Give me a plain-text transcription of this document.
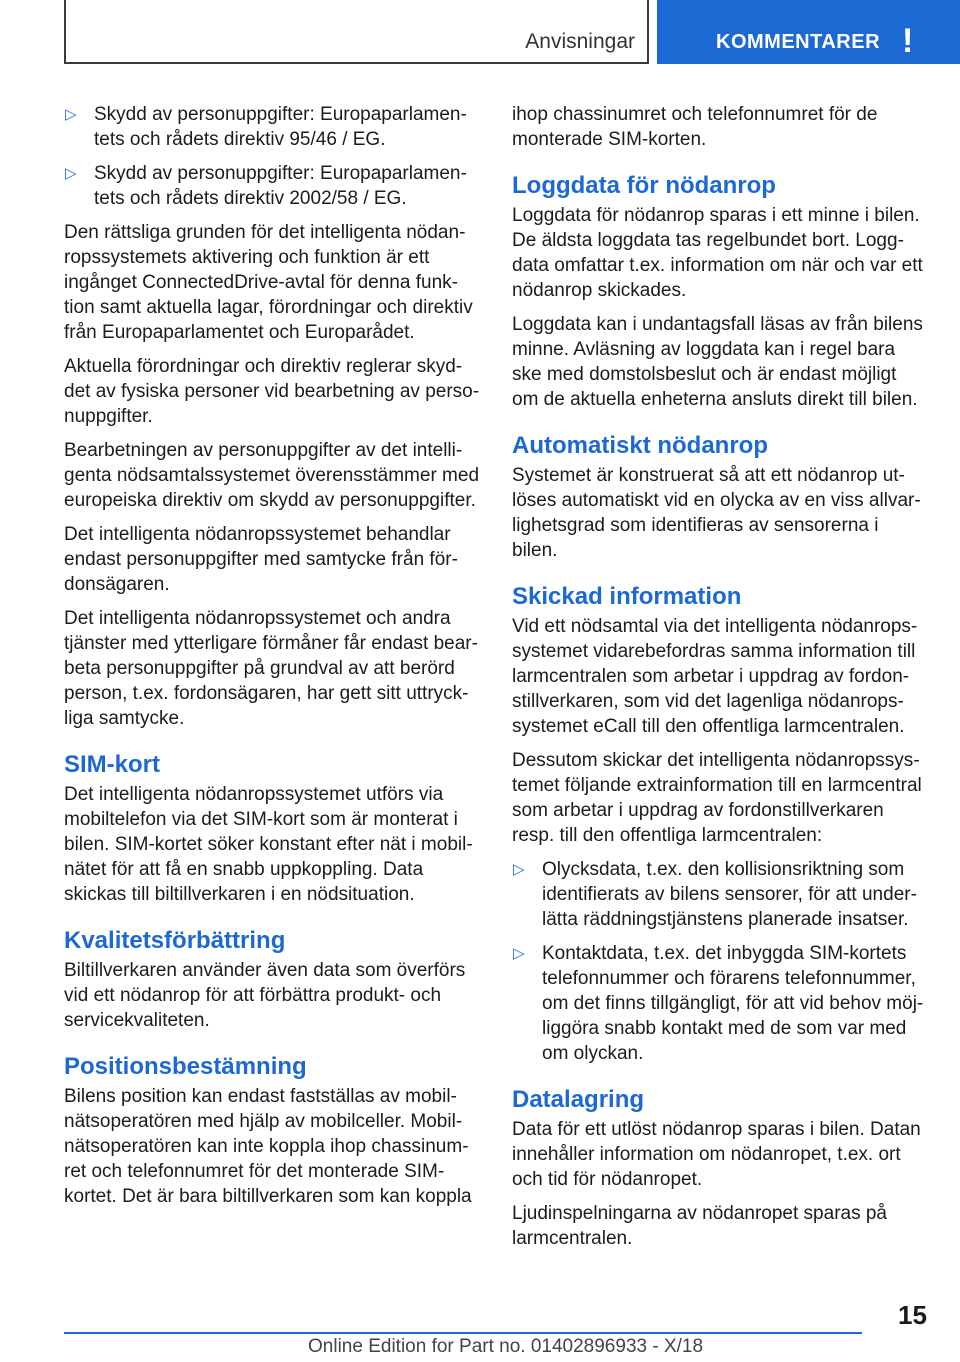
Anvisningar	KOMMENTARER !
▷ Skydd av personuppgifter: Europaparlamentets och rådets direktiv 95/46 / EG.
▷ Skydd av personuppgifter: Europaparlamentets och rådets direktiv 2002/58 / EG.

Den rättsliga grunden för det intelligenta nödanropssystemets aktivering och funktion är ett ingånget ConnectedDrive-avtal för denna funktion samt aktuella lagar, förordningar och direktiv från Europaparlamentet och Europarådet.

Aktuella förordningar och direktiv reglerar skyddet av fysiska personer vid bearbetning av personuppgifter.

Bearbetningen av personuppgifter av det intelligenta nödsamtalssystemet överensstämmer med europeiska direktiv om skydd av personuppgifter.

Det intelligenta nödanropssystemet behandlar endast personuppgifter med samtycke från fördonsägaren.

Det intelligenta nödanropssystemet och andra tjänster med ytterligare förmåner får endast bearbeta personuppgifter på grundval av att berörd person, t.ex. fordonsägaren, har gett sitt uttryckliga samtycke.

SIM-kort

Det intelligenta nödanropssystemet utförs via mobiltelefon via det SIM-kort som är monterat i bilen. SIM-kortet söker konstant efter nät i mobilnätet för att få en snabb uppkoppling. Data skickas till biltillverkaren i en nödsituation.

Kvalitetsförbättring

Biltillverkaren använder även data som överförs vid ett nödanrop för att förbättra produkt- och servicekvaliteten.

Positionsbestämning

Bilens position kan endast fastställas av mobilnätsoperatören med hjälp av mobilceller. Mobilnätsoperatören kan inte koppla ihop chassinumret och telefonnumret för det monterade SIM-kortet. Det är bara biltillverkaren som kan koppla

ihop chassinumret och telefonnumret för de monterade SIM-korten.

Loggdata för nödanrop

Loggdata för nödanrop sparas i ett minne i bilen. De äldsta loggdata tas regelbundet bort. Loggdata omfattar t.ex. information om när och var ett nödanrop skickades.

Loggdata kan i undantagsfall läsas av från bilens minne. Avläsning av loggdata kan i regel bara ske med domstolsbeslut och är endast möjligt om de aktuella enheterna ansluts direkt till bilen.

Automatiskt nödanrop

Systemet är konstruerat så att ett nödanrop utlöses automatiskt vid en olycka av en viss allvarlighetsgrad som identifieras av sensorerna i bilen.

Skickad information

Vid ett nödsamtal via det intelligenta nödanropssystemet vidarebefordras samma information till larmcentralen som arbetar i uppdrag av fordonstillverkaren, som vid det lagenliga nödanropssystemet eCall till den offentliga larmcentralen.

Dessutom skickar det intelligenta nödanropssystemet följande extrainformation till en larmcentral som arbetar i uppdrag av fordonstillverkaren resp. till den offentliga larmcentralen:

▷ Olycksdata, t.ex. den kollisionsriktning som identifierats av bilens sensorer, för att underlätta räddningstjänstens planerade insatser.
▷ Kontaktdata, t.ex. det inbyggda SIM-kortets telefonnummer och förarens telefonnummer, om det finns tillgängligt, för att vid behov möjliggöra snabb kontakt med de som var med om olyckan.
Datalagring

Data för ett utlöst nödanrop sparas i bilen. Datan innehåller information om nödanropet, t.ex. ort och tid för nödanropet.

Ljudinspelningarna av nödanropet sparas på larmcentralen.

15
Online Edition for Part no. 01402896933 - X/18
